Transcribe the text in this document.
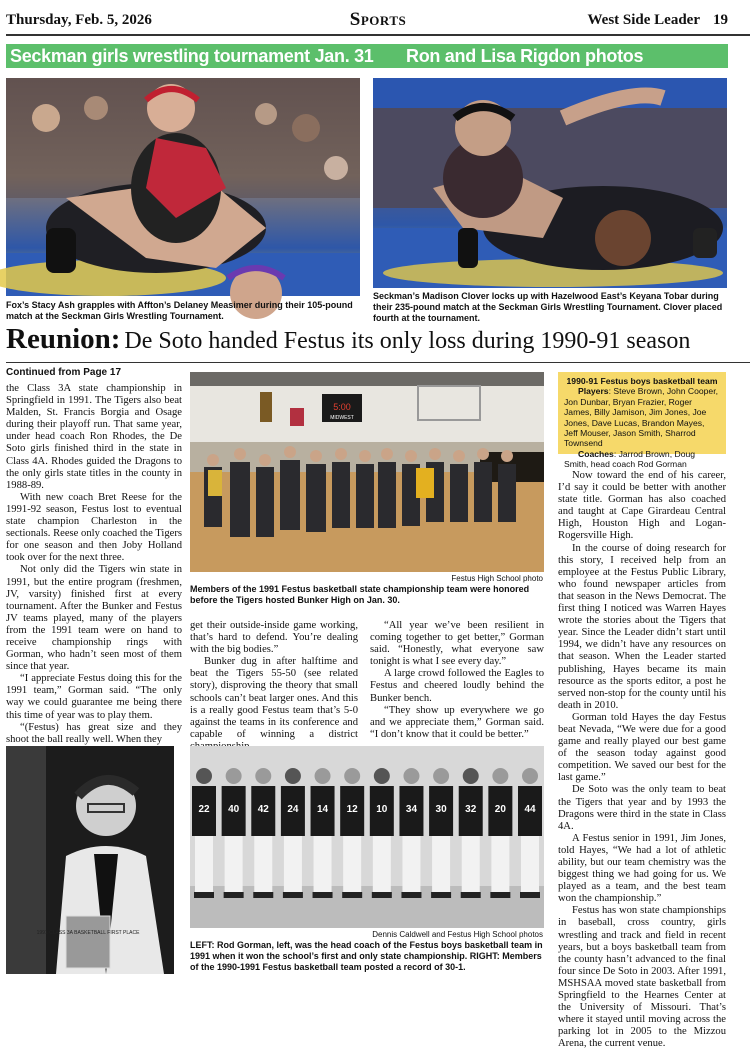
Thursday, Feb. 5, 2026	Sports	West Side Leader 19
Seckman girls wrestling tournament Jan. 31 Ron and Lisa Rigdon photos
Fox’s Stacy Ash grapples with Affton’s Delaney Measimer during their 105-pound match at the Seckman Girls Wrestling Tournament.
Seckman’s Madison Clover locks up with Hazelwood East’s Keyana Tobar during their 235-pound match at the Seckman Girls Wrestling Tournament. Clover placed fourth at the tournament.
Reunion: De Soto handed Festus its only loss during 1990-91 season
Continued from Page 17

the Class 3A state championship in Springfield in 1991. The Tigers also beat Malden, St. Francis Borgia and Osage during their playoff run. That same year, under head coach Ron Rhodes, the De Soto girls finished third in the state in Class 4A. Rhodes guided the Dragons to the only girls state titles in the county in 1988-89.

With new coach Bret Reese for the 1991-92 season, Festus lost to eventual state champion Charleston in the sectionals. Reese only coached the Tigers for one season and then Joby Holland took over for the next three.

Not only did the Tigers win state in 1991, but the entire program (freshmen, JV, varsity) finished first at every tournament. After the Bunker and Festus JV teams played, many of the players from the 1991 team were on hand to receive championship rings with Gorman, who hadn’t seen most of them since that year.

“I appreciate Festus doing this for the 1991 team,” Gorman said. “The only way we could guarantee me being there this time of year was to play them.

“(Festus) has great size and they shoot the ball really well. When they

5:00
MIDWEST
Festus High School photo
Members of the 1991 Festus basketball state championship team were honored before the Tigers hosted Bunker High on Jan. 30.

get their outside-inside game working, that’s hard to defend. You’re dealing with the big bodies.”

Bunker dug in after halftime and beat the Tigers 55-50 (see related story), disproving the theory that small schools can’t beat larger ones. And this is a really good Festus team that’s 5-0 against the teams in its conference and capable of winning a district

“All year we’ve been resilient in coming together to get better,” Gorman said. “Honestly, what everyone saw tonight is what I see every day.”

A large crowd followed the Eagles to Festus and cheered loudly behind the Bunker bench.

“They show up everywhere we go and we appreciate them,” Gorman said. “I don’t know that it could be better.”

1990-91 Festus boys basketball team
Players: Steve Brown, John Cooper, Jon Dunbar, Bryan Frazier, Roger James, Billy Jamison, Jim Jones, Joe Jones, Dave Lucas, Brandon Mayes, Jeff Mouser, Jason Smith, Sharrod Townsend
Coaches: Jarrod Brown, Doug Smith, head coach Rod Gorman

Now toward the end of his career, I’d say it could be better with another state title. Gorman has also coached and taught at Cape Girardeau Central High, Houston High and Logan-Rogersville High.

In the course of doing research for this story, I received help from an employee at the Festus Public Library, who found newspaper articles from that season in the News Democrat. The first thing I noticed was Warren Hayes wrote the stories about the Tigers that year. Since the Leader didn’t start until 1994, we didn’t have any resources on that season. When the Leader started publishing, Hayes became its main resource as the sports editor, a post he served non-stop for the county until his death in 2010.

Gorman told Hayes the day Festus beat Nevada, “We were due for a good game and really played our best game of the season today against good competition. We saved our best for the last game.”

De Soto was the only team to beat the Tigers that year and by 1993 the Dragons were third in the state in Class 4A.

A Festus senior in 1991, Jim Jones, told Hayes, “We had a lot of athletic ability, but our team chemistry was the biggest thing we had going for us. We played as a team, and the best team won the championship.”

Festus has won state championships in baseball, cross country, girls wrestling and track and field in recent years, but a boys basketball team from the county hasn’t advanced to the final four since De Soto in 2003. After 1991, MSHSAA moved state basketball from Springfield to the Hearnes Center at the University of Missouri. That’s where it stayed until moving across the parking lot in 2005 to the Mizzou Arena, the current venue.

1991 CLASS 3A BASKETBALL FIRST PLACE
22 40 42 24 14 12 10 34 30 32 20 44
Dennis Caldwell and Festus High School photos
LEFT: Rod Gorman, left, was the head coach of the Festus boys basketball team in 1991 when it won the school’s first and only state championship. RIGHT: Members of the 1990-1991 Festus basketball team posted a record of 30-1.
